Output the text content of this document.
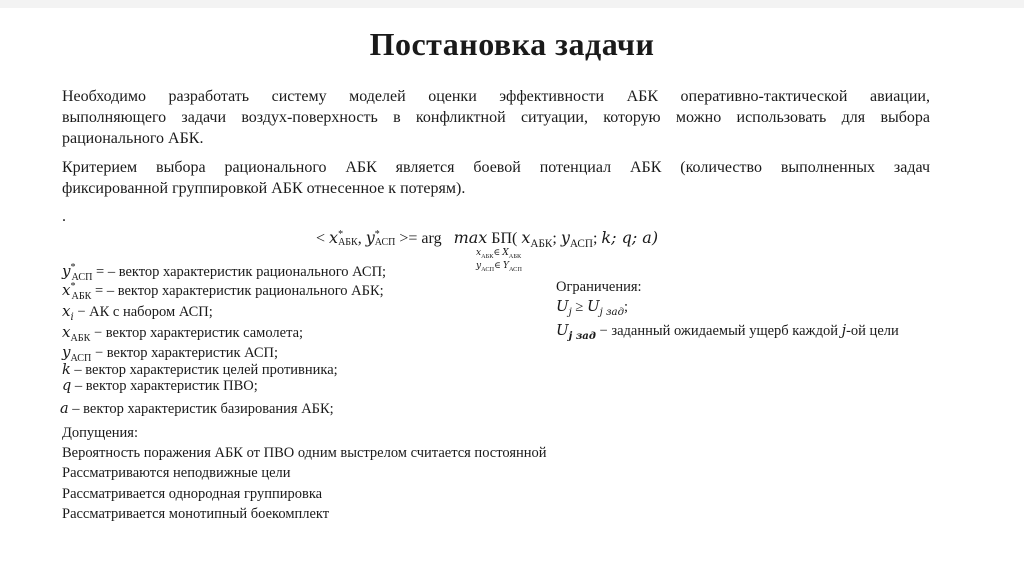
Постановка задачи
Необходимо разработать систему моделей оценки эффективности АБК оперативно-тактической авиации,
выполняющего задачи воздух-поверхность в конфликтной ситуации, которую можно использовать для выбора
рационального АБК.
Критерием выбора рационального АБК является боевой потенциал АБК (количество выполненных задач
фиксированной группировкой АБК отнесенное к потерям).
.
< x *
АБК , y *
АСП >= arg max БП( $x_{АБК}$; $y_{АСП}$; k; q; a)
$x_{АБК}\in$ $X_{АБК}$
$y_{АСП}\in$ $Y_{АСП}$
$y^*_{АСП}$ = – вектор характеристик рационального АСП;
$x^*_{АБК}$ = – вектор характеристик рационального АБК;
$x_i$ − АК с набором АСП;
$x_{АБК}$ − вектор характеристик самолета;
$y_{АСП}$ − вектор характеристик АСП;
k – вектор характеристик целей противника;
q – вектор характеристик ПВО;
a – вектор характеристик базирования АБК;
Ограничения:
$U_j \ge U_{j зад}$;
$U_{j зад}$ − заданный ожидаемый ущерб каждой j-ой цели
Допущения:
Вероятность поражения АБК от ПВО одним выстрелом считается постоянной
Рассматриваются неподвижные цели
Рассматривается однородная группировка
Рассматривается монотипный боекомплект
